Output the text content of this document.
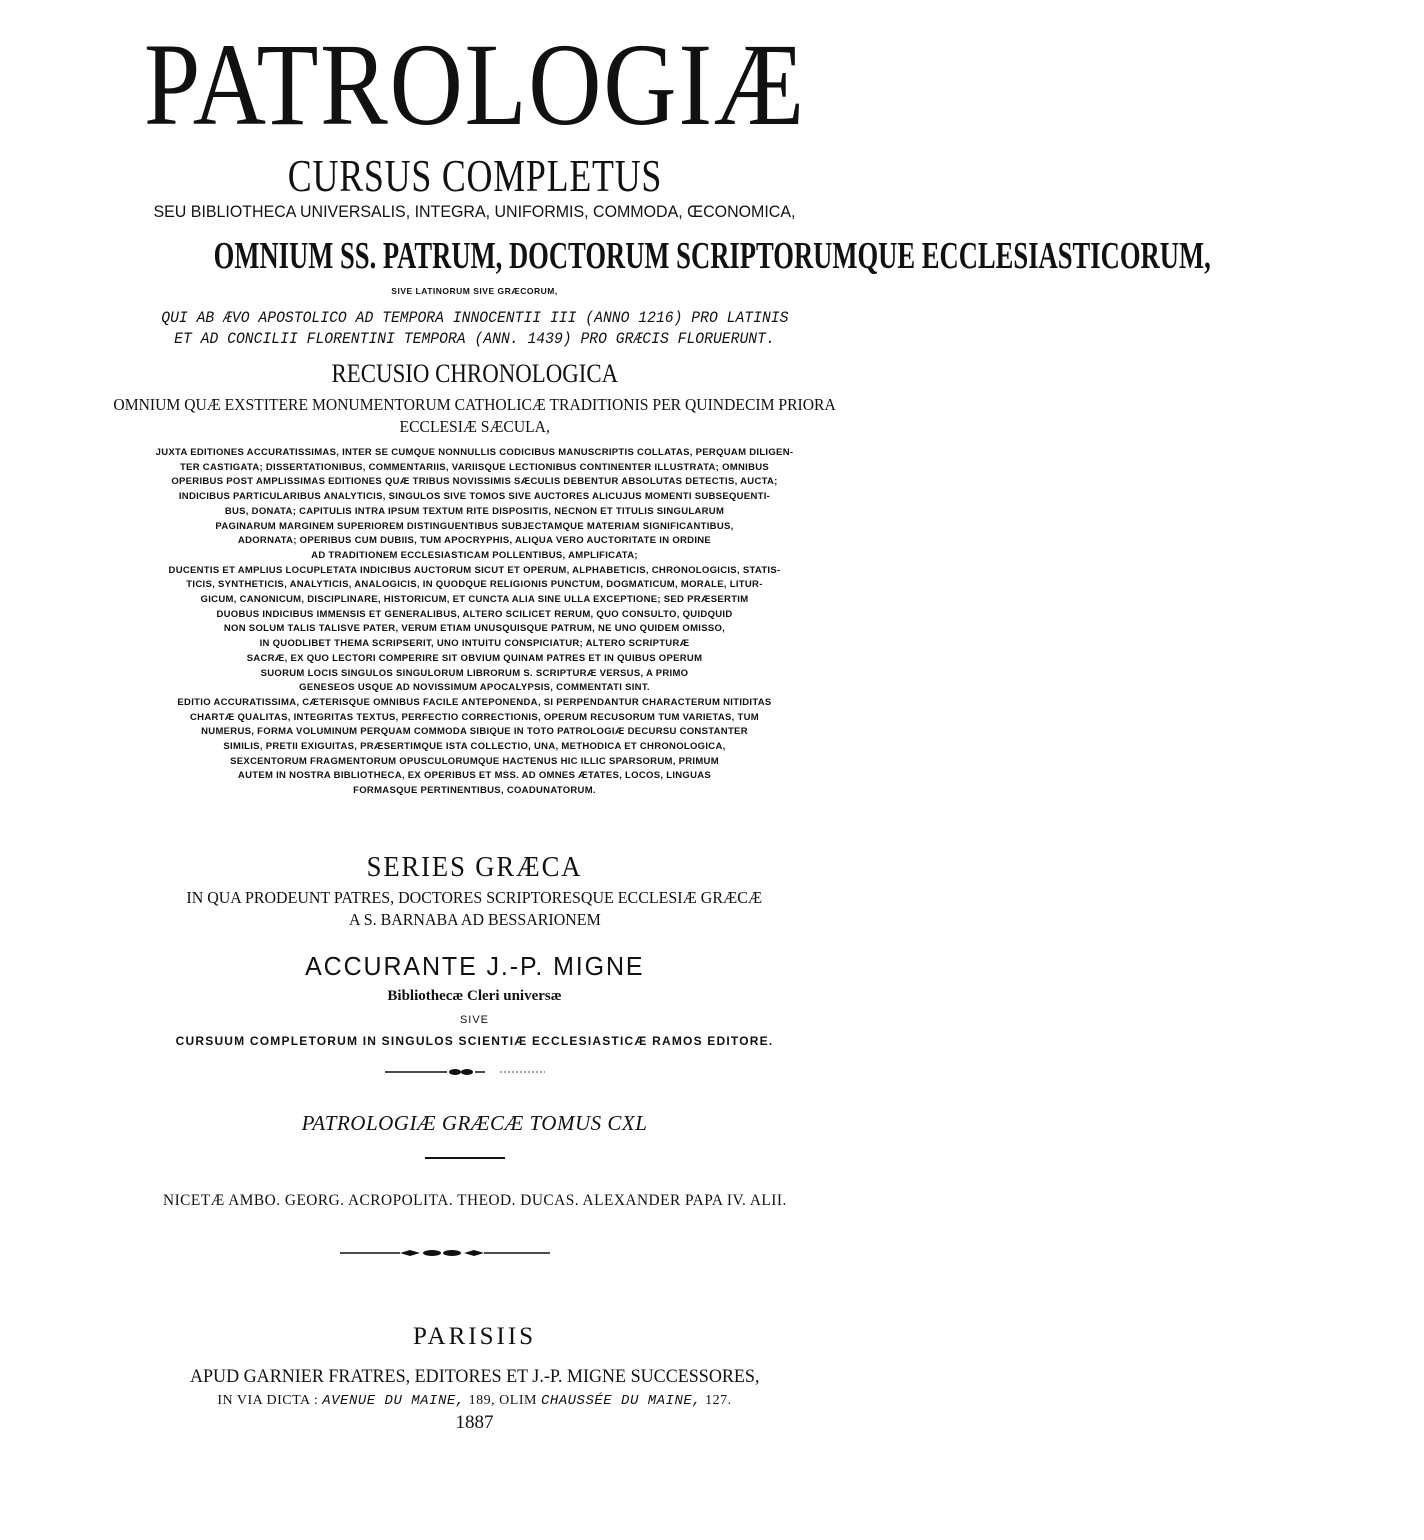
PATROLOGIÆ
CURSUS COMPLETUS
SEU BIBLIOTHECA UNIVERSALIS, INTEGRA, UNIFORMIS, COMMODA, ŒCONOMICA,
OMNIUM SS. PATRUM, DOCTORUM SCRIPTORUMQUE ECCLESIASTICORUM,
SIVE LATINORUM SIVE GRÆCORUM,
QUI AB ÆVO APOSTOLICO AD TEMPORA INNOCENTII III (ANNO 1216) PRO LATINIS
ET AD CONCILII FLORENTINI TEMPORA (ANN. 1439) PRO GRÆCIS FLORUERUNT.
RECUSIO CHRONOLOGICA
OMNIUM QUÆ EXSTITERE MONUMENTORUM CATHOLICÆ TRADITIONIS PER QUINDECIM PRIORA
ECCLESIÆ SÆCULA,
JUXTA EDITIONES ACCURATISSIMAS, INTER SE CUMQUE NONNULLIS CODICIBUS MANUSCRIPTIS COLLATAS, PERQUAM DILIGEN-
TER CASTIGATA; DISSERTATIONIBUS, COMMENTARIIS, VARIISQUE LECTIONIBUS CONTINENTER ILLUSTRATA; OMNIBUS
OPERIBUS POST AMPLISSIMAS EDITIONES QUÆ TRIBUS NOVISSIMIS SÆCULIS DEBENTUR ABSOLUTAS DETECTIS, AUCTA;
INDICIBUS PARTICULARIBUS ANALYTICIS, SINGULOS SIVE TOMOS SIVE AUCTORES ALICUJUS MOMENTI SUBSEQUENTI-
BUS, DONATA; CAPITULIS INTRA IPSUM TEXTUM RITE DISPOSITIS, NECNON ET TITULIS SINGULARUM
PAGINARUM MARGINEM SUPERIOREM DISTINGUENTIBUS SUBJECTAMQUE MATERIAM SIGNIFICANTIBUS,
ADORNATA; OPERIBUS CUM DUBIIS, TUM APOCRYPHIS, ALIQUA VERO AUCTORITATE IN ORDINE
AD TRADITIONEM ECCLESIASTICAM POLLENTIBUS, AMPLIFICATA;
DUCENTIS ET AMPLIUS LOCUPLETATA INDICIBUS AUCTORUM SICUT ET OPERUM, ALPHABETICIS, CHRONOLOGICIS, STATIS-
TICIS, SYNTHETICIS, ANALYTICIS, ANALOGICIS, IN QUODQUE RELIGIONIS PUNCTUM, DOGMATICUM, MORALE, LITUR-
GICUM, CANONICUM, DISCIPLINARE, HISTORICUM, ET CUNCTA ALIA SINE ULLA EXCEPTIONE; SED PRÆSERTIM
DUOBUS INDICIBUS IMMENSIS ET GENERALIBUS, ALTERO SCILICET RERUM, QUO CONSULTO, QUIDQUID
NON SOLUM TALIS TALISVE PATER, VERUM ETIAM UNUSQUISQUE PATRUM, NE UNO QUIDEM OMISSO,
IN QUODLIBET THEMA SCRIPSERIT, UNO INTUITU CONSPICIATUR; ALTERO SCRIPTURÆ
SACRÆ, EX QUO LECTORI COMPERIRE SIT OBVIUM QUINAM PATRES ET IN QUIBUS OPERUM
SUORUM LOCIS SINGULOS SINGULORUM LIBRORUM S. SCRIPTURÆ VERSUS, A PRIMO
GENESEOS USQUE AD NOVISSIMUM APOCALYPSIS, COMMENTATI SINT.
EDITIO ACCURATISSIMA, CÆTERISQUE OMNIBUS FACILE ANTEPONENDA, SI PERPENDANTUR CHARACTERUM NITIDITAS
CHARTÆ QUALITAS, INTEGRITAS TEXTUS, PERFECTIO CORRECTIONIS, OPERUM RECUSORUM TUM VARIETAS, TUM
NUMERUS, FORMA VOLUMINUM PERQUAM COMMODA SIBIQUE IN TOTO PATROLOGIÆ DECURSU CONSTANTER
SIMILIS, PRETII EXIGUITAS, PRÆSERTIMQUE ISTA COLLECTIO, UNA, METHODICA ET CHRONOLOGICA,
SEXCENTORUM FRAGMENTORUM OPUSCULORUMQUE HACTENUS HIC ILLIC SPARSORUM, PRIMUM
AUTEM IN NOSTRA BIBLIOTHECA, EX OPERIBUS ET MSS. AD OMNES ÆTATES, LOCOS, LINGUAS
FORMASQUE PERTINENTIBUS, COADUNATORUM.
SERIES GRÆCA
IN QUA PRODEUNT PATRES, DOCTORES SCRIPTORESQUE ECCLESIÆ GRÆCÆ
A S. BARNABA AD BESSARIONEM
ACCURANTE J.-P. MIGNE
Bibliothecæ Cleri universæ
SIVE
CURSUUM COMPLETORUM IN SINGULOS SCIENTIÆ ECCLESIASTICÆ RAMOS EDITORE.
PATROLOGIÆ GRÆCÆ TOMUS CXL
NICETÆ AMBO. GEORG. ACROPOLITA. THEOD. DUCAS. ALEXANDER PAPA IV. ALII.
PARISIIS
APUD GARNIER FRATRES, EDITORES ET J.-P. MIGNE SUCCESSORES,
IN VIA DICTA : AVENUE DU MAINE, 189, OLIM CHAUSSÉE DU MAINE, 127.
1887
